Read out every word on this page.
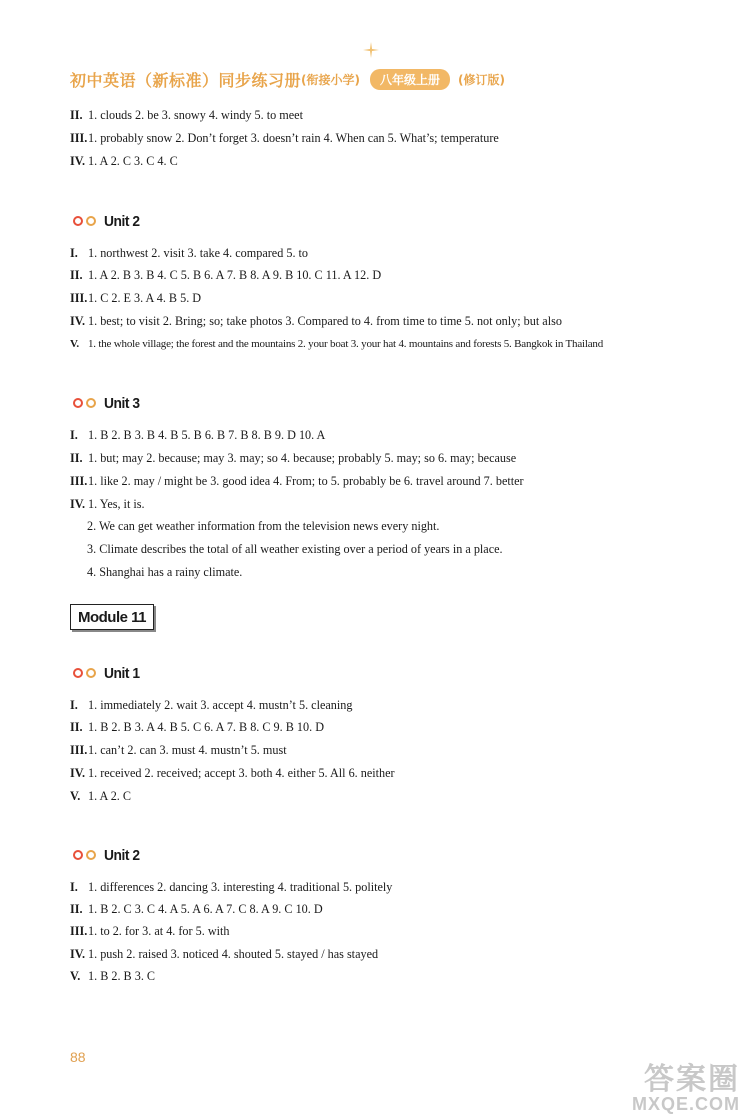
初中英语（新标准）同步练习册 (衔接小学)	八年级上册	(修订版)
II. 1. clouds 2. be 3. snowy 4. windy 5. to meet
III.1. probably snow 2. Don’t forget 3. doesn’t rain 4. When can 5. What’s; temperature
IV. 1. A 2. C 3. C 4. C
Unit 2
I. 1. northwest 2. visit 3. take 4. compared 5. to
II. 1. A 2. B 3. B 4. C 5. B 6. A 7. B 8. A 9. B 10. C 11. A 12. D
III.1. C 2. E 3. A 4. B 5. D
IV. 1. best; to visit 2. Bring; so; take photos 3. Compared to 4. from time to time 5. not only; but also
V. 1. the whole village; the forest and the mountains 2. your boat 3. your hat 4. mountains and forests 5. Bangkok in Thailand
Unit 3
I. 1. B 2. B 3. B 4. B 5. B 6. B 7. B 8. B 9. D 10. A
II. 1. but; may 2. because; may 3. may; so 4. because; probably 5. may; so 6. may; because
III.1. like 2. may / might be 3. good idea 4. From; to 5. probably be 6. travel around 7. better
IV. 1. Yes, it is.
2. We can get weather information from the television news every night.
3. Climate describes the total of all weather existing over a period of years in a place.
4. Shanghai has a rainy climate.
Module 11
Unit 1
I. 1. immediately 2. wait 3. accept 4. mustn’t 5. cleaning
II. 1. B 2. B 3. A 4. B 5. C 6. A 7. B 8. C 9. B 10. D
III.1. can’t 2. can 3. must 4. mustn’t 5. must
IV. 1. received 2. received; accept 3. both 4. either 5. All 6. neither
V. 1. A 2. C
Unit 2
I. 1. differences 2. dancing 3. interesting 4. traditional 5. politely
II. 1. B 2. C 3. C 4. A 5. A 6. A 7. C 8. A 9. C 10. D
III.1. to 2. for 3. at 4. for 5. with
IV. 1. push 2. raised 3. noticed 4. shouted 5. stayed / has stayed
V. 1. B 2. B 3. C
88
答案圈
MXQE.COM
